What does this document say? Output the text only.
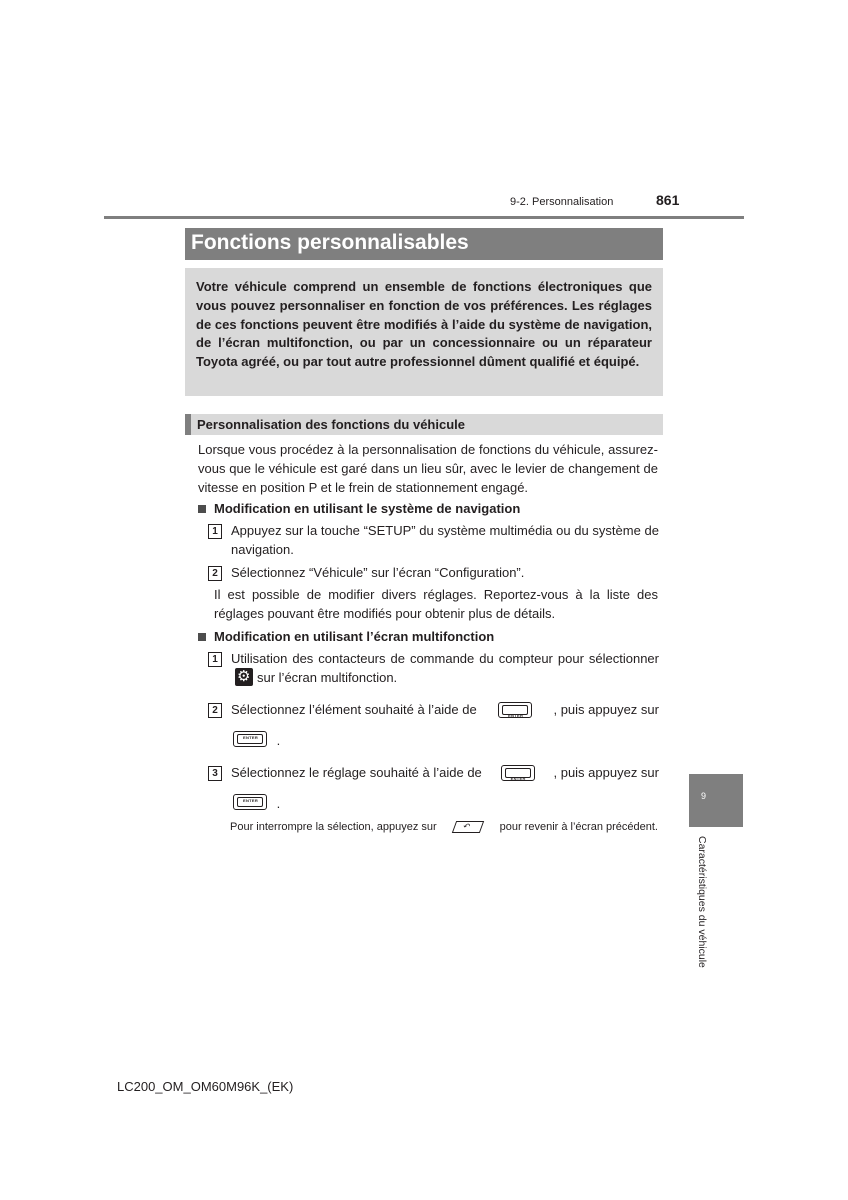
9-2. Personnalisation	861
Fonctions personnalisables

Votre véhicule comprend un ensemble de fonctions électroniques que vous pouvez personnaliser en fonction de vos préférences. Les réglages de ces fonctions peuvent être modifiés à l’aide du système de navigation, de l’écran multifonction, ou par un concessionnaire ou un réparateur Toyota agréé, ou par tout autre professionnel dûment qualifié et équipé.

Personnalisation des fonctions du véhicule

Lorsque vous procédez à la personnalisation de fonctions du véhicule, assurez-vous que le véhicule est garé dans un lieu sûr, avec le levier de changement de vitesse en position P et le frein de stationnement engagé.

Modification en utilisant le système de navigation
1	Appuyez sur la touche “SETUP” du système multimédia ou du système de navigation.
2	Sélectionnez “Véhicule” sur l’écran “Configuration”.

Il est possible de modifier divers réglages. Reportez-vous à la liste des réglages pouvant être modifiés pour obtenir plus de détails.

Modification en utilisant l’écran multifonction
1	Utilisation des contacteurs de commande du compteur pour sélectionner⚙sur l’écran multifonction.
2	Sélectionnez l’élément souhaité à l’aide de	ENTER , puis appuyez sur
ENTER .
3	Sélectionnez le réglage souhaité à l’aide de	ENTER , puis appuyez sur
ENTER .
Pour interrompre la sélection, appuyez sur
↶	pour revenir à l’écran précédent.
9
Caractéristiques du véhicule
LC200_OM_OM60M96K_(EK)
